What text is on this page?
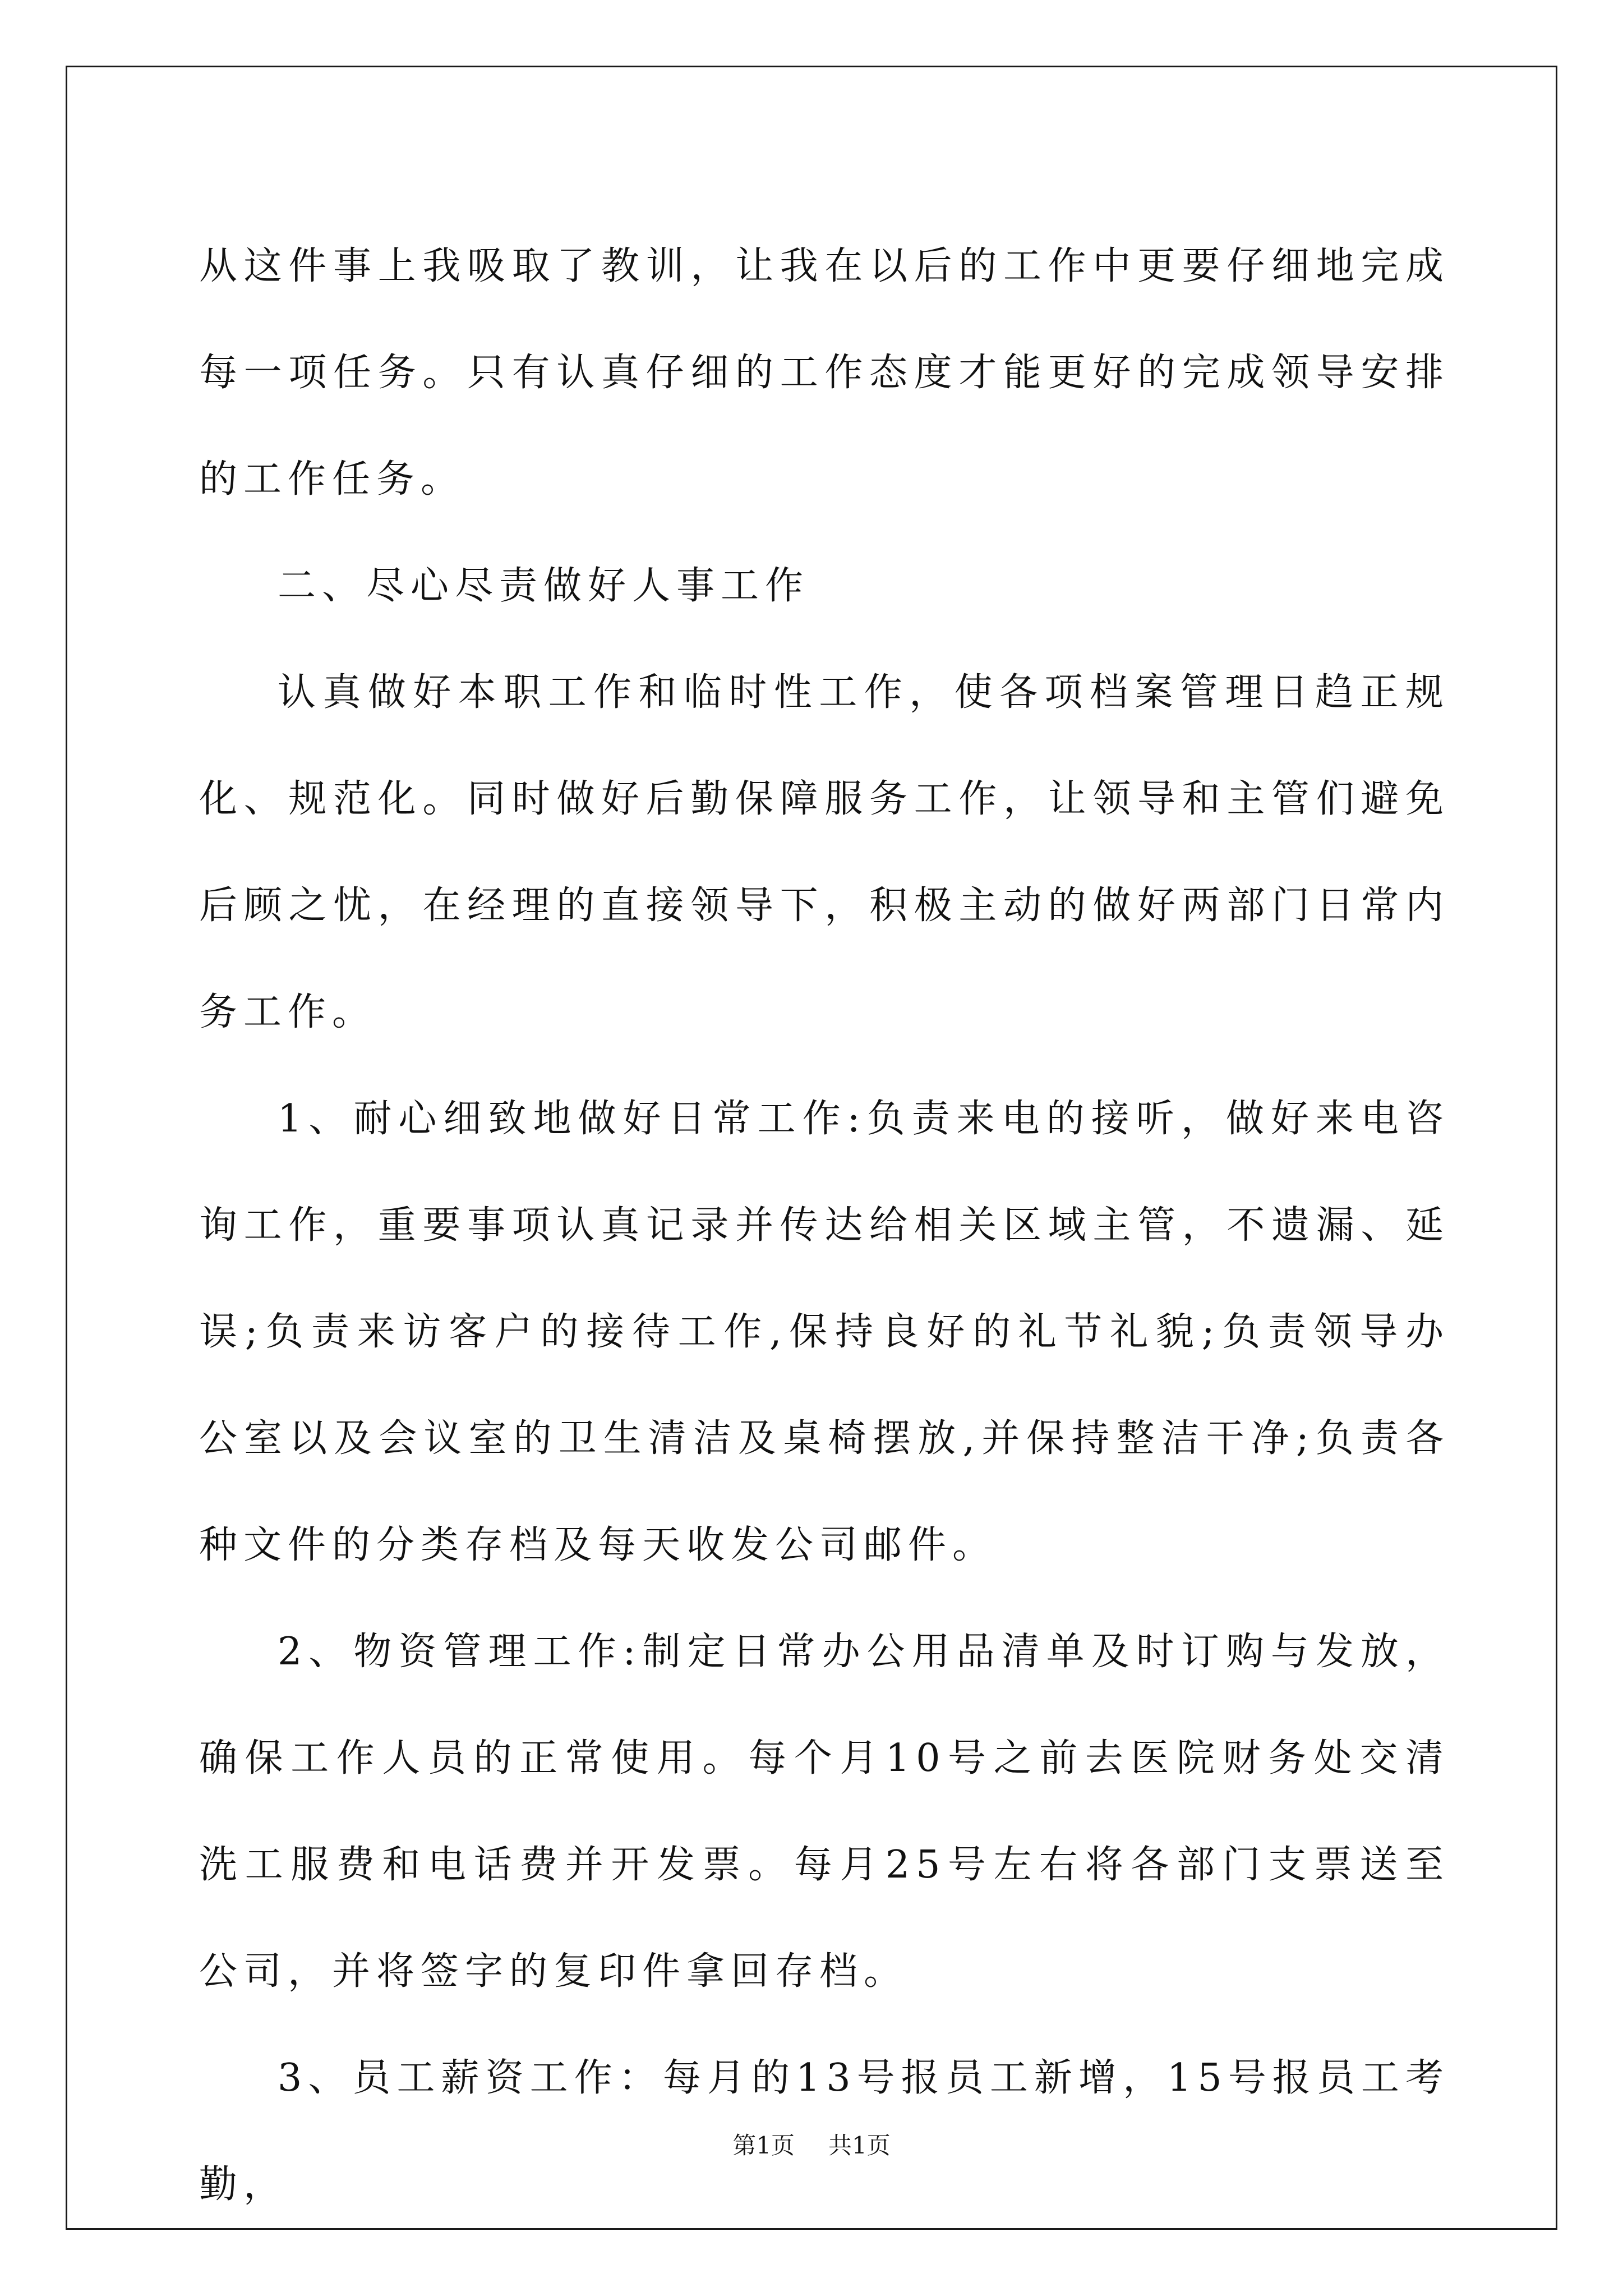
从这件事上我吸取了教训，让我在以后的工作中更要仔细地完成每一项任务。只有认真仔细的工作态度才能更好的完成领导安排的工作任务。

二、尽心尽责做好人事工作

认真做好本职工作和临时性工作，使各项档案管理日趋正规化、规范化。同时做好后勤保障服务工作，让领导和主管们避免后顾之忧，在经理的直接领导下，积极主动的做好两部门日常内务工作。

1、耐心细致地做好日常工作:负责来电的接听，做好来电咨询工作，重要事项认真记录并传达给相关区域主管，不遗漏、延误;负责来访客户的接待工作,保持良好的礼节礼貌;负责领导办公室以及会议室的卫生清洁及桌椅摆放,并保持整洁干净;负责各种文件的分类存档及每天收发公司邮件。

2、物资管理工作:制定日常办公用品清单及时订购与发放，确保工作人员的正常使用。每个月10号之前去医院财务处交清洗工服费和电话费并开发票。每月25号左右将各部门支票送至公司，并将签字的复印件拿回存档。

3、员工薪资工作：每月的13号报员工新增，15号报员工考勤，

第1页 共1页
